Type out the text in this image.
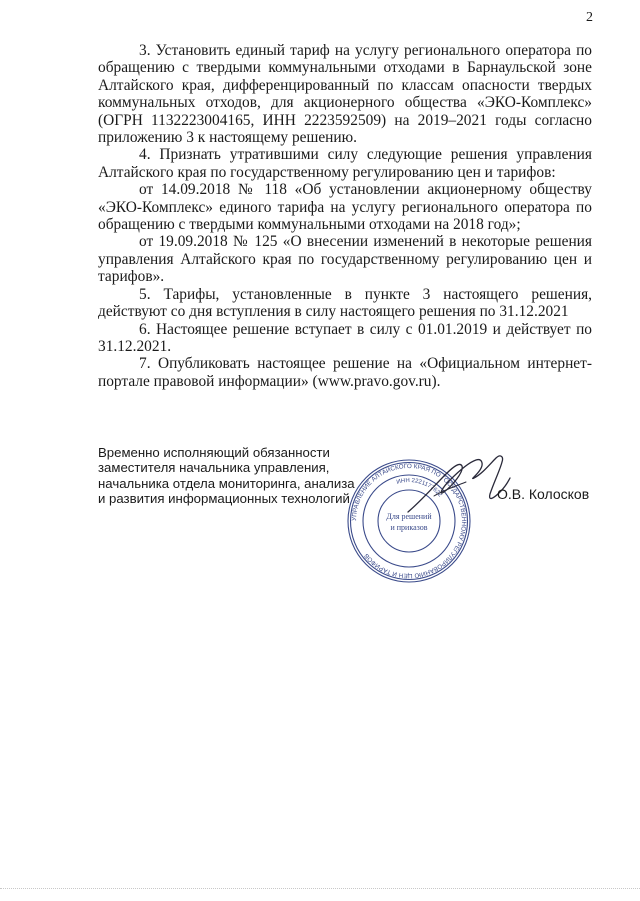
2

3. Установить единый тариф на услугу регионального оператора по обращению с твердыми коммунальными отходами в Барнаульской зоне Алтайского края, дифференцированный по классам опасности твердых коммунальных отходов, для акционерного общества «ЭКО-Комплекс» (ОГРН 1132223004165, ИНН 2223592509) на 2019–2021 годы согласно приложению 3 к настоящему решению.

4. Признать утратившими силу следующие решения управления Алтайского края по государственному регулированию цен и тарифов:

от 14.09.2018 № 118 «Об установлении акционерному обществу «ЭКО-Комплекс» единого тарифа на услугу регионального оператора по обращению с твердыми коммунальными отходами на 2018 год»;

от 19.09.2018 № 125 «О внесении изменений в некоторые решения управления Алтайского края по государственному регулированию цен и тарифов».

5. Тарифы, установленные в пункте 3 настоящего решения, действуют со дня вступления в силу настоящего решения по 31.12.2021

6. Настоящее решение вступает в силу с 01.01.2019 и действует по 31.12.2021.

7. Опубликовать настоящее решение на «Официальном интернет-портале правовой информации» (www.pravo.gov.ru).

Временно исполняющий обязанности
заместителя начальника управления,
начальника отдела мониторинга, анализа
и развития информационных технологий
УПРАВЛЕНИЕ АЛТАЙСКОГО КРАЯ ПО ГОСУДАРСТВЕННОМУ РЕГУЛИРОВАНИЮ ЦЕН И ТАРИФОВ
ИНН 2221177622
Для решений
и приказов
О.В. Колосков
